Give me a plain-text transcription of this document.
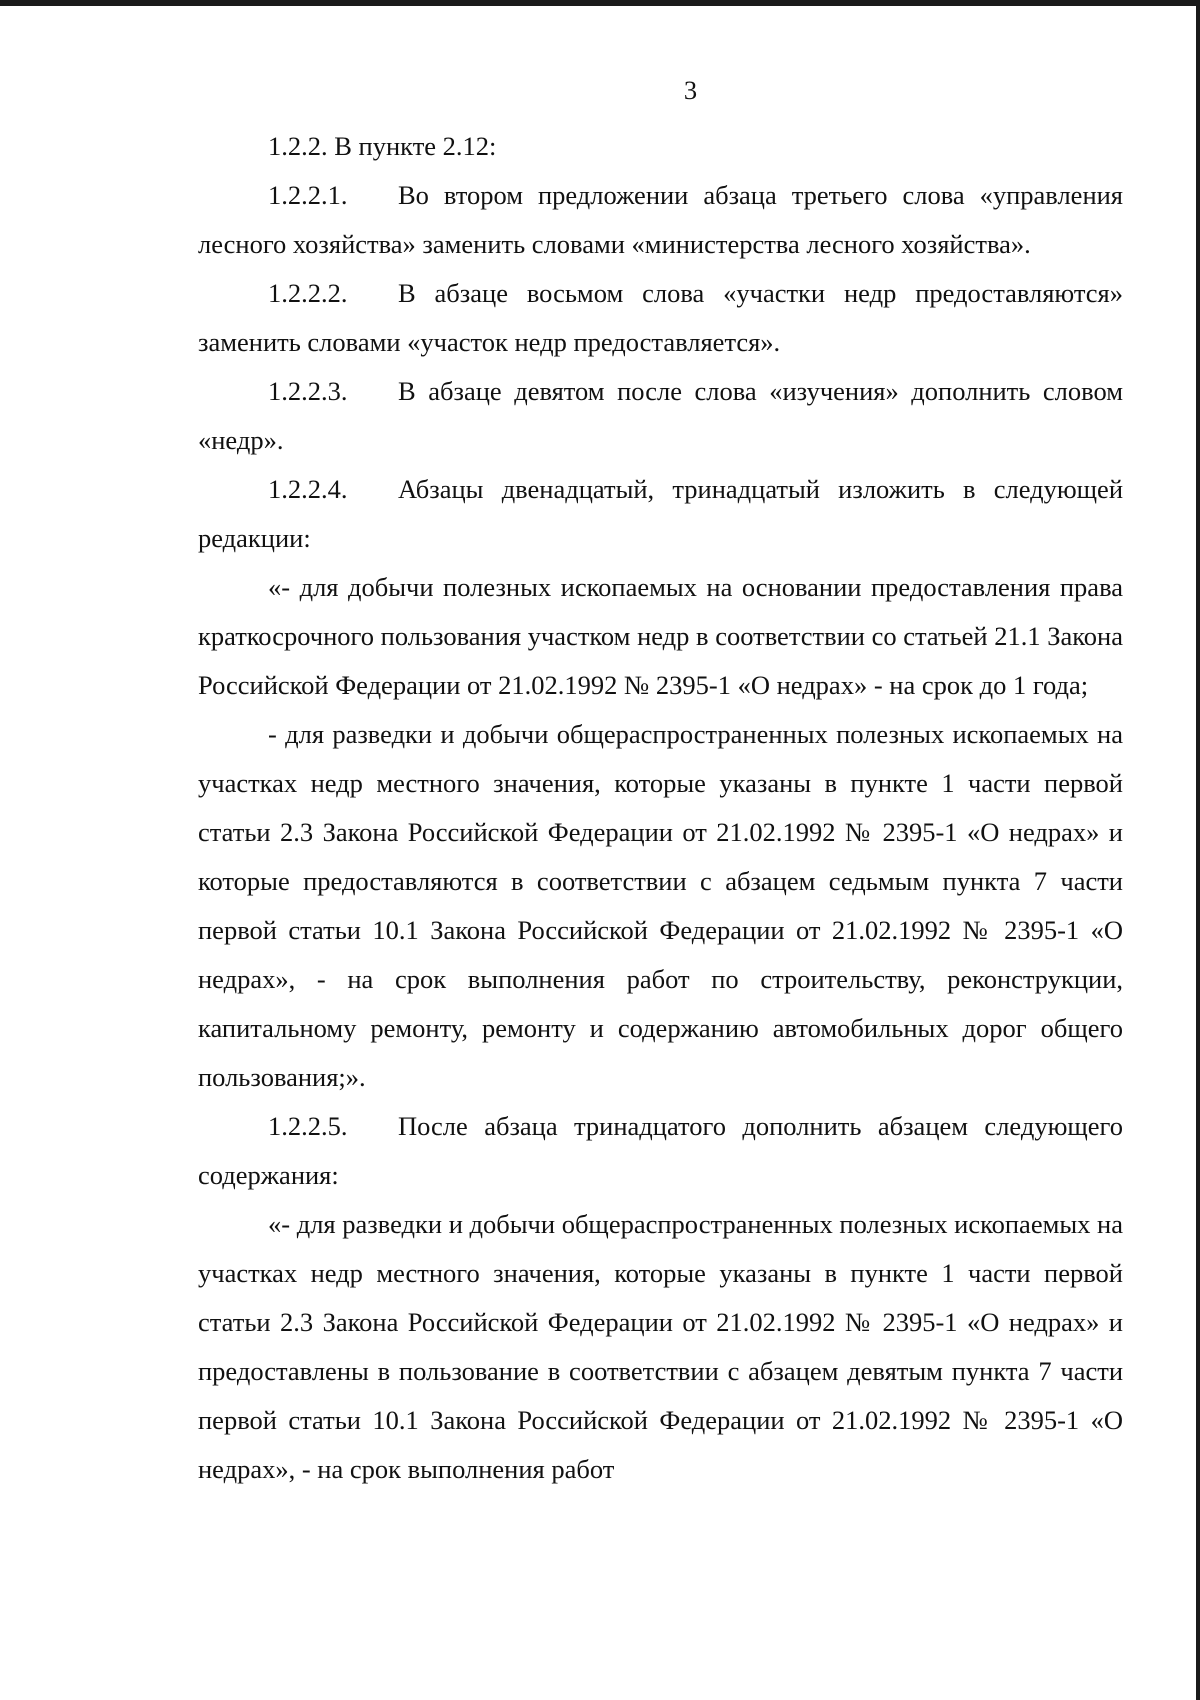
3

1.2.2. В пункте 2.12:

1.2.2.1. Во втором предложении абзаца третьего слова «управления лесного хозяйства» заменить словами «министерства лесного хозяйства».

1.2.2.2. В абзаце восьмом слова «участки недр предоставляются» заменить словами «участок недр предоставляется».

1.2.2.3. В абзаце девятом после слова «изучения» дополнить словом «недр».

1.2.2.4. Абзацы двенадцатый, тринадцатый изложить в следующей редакции:

«- для добычи полезных ископаемых на основании предоставления права краткосрочного пользования участком недр в соответствии со статьей 21.1 Закона Российской Федерации от 21.02.1992 № 2395-1 «О недрах» - на срок до 1 года;

- для разведки и добычи общераспространенных полезных ископаемых на участках недр местного значения, которые указаны в пункте 1 части первой статьи 2.3 Закона Российской Федерации от 21.02.1992 № 2395-1 «О недрах» и которые предоставляются в соответствии с абзацем седьмым пункта 7 части первой статьи 10.1 Закона Российской Федерации от 21.02.1992 № 2395-1 «О недрах», - на срок выполнения работ по строительству, реконструкции, капитальному ремонту, ремонту и содержанию автомобильных дорог общего пользования;».

1.2.2.5. После абзаца тринадцатого дополнить абзацем следующего содержания:

«- для разведки и добычи общераспространенных полезных ископаемых на участках недр местного значения, которые указаны в пункте 1 части первой статьи 2.3 Закона Российской Федерации от 21.02.1992 № 2395-1 «О недрах» и предоставлены в пользование в соответствии с абзацем девятым пункта 7 части первой статьи 10.1 Закона Российской Федерации от 21.02.1992 № 2395-1 «О недрах», - на срок выполнения работ
